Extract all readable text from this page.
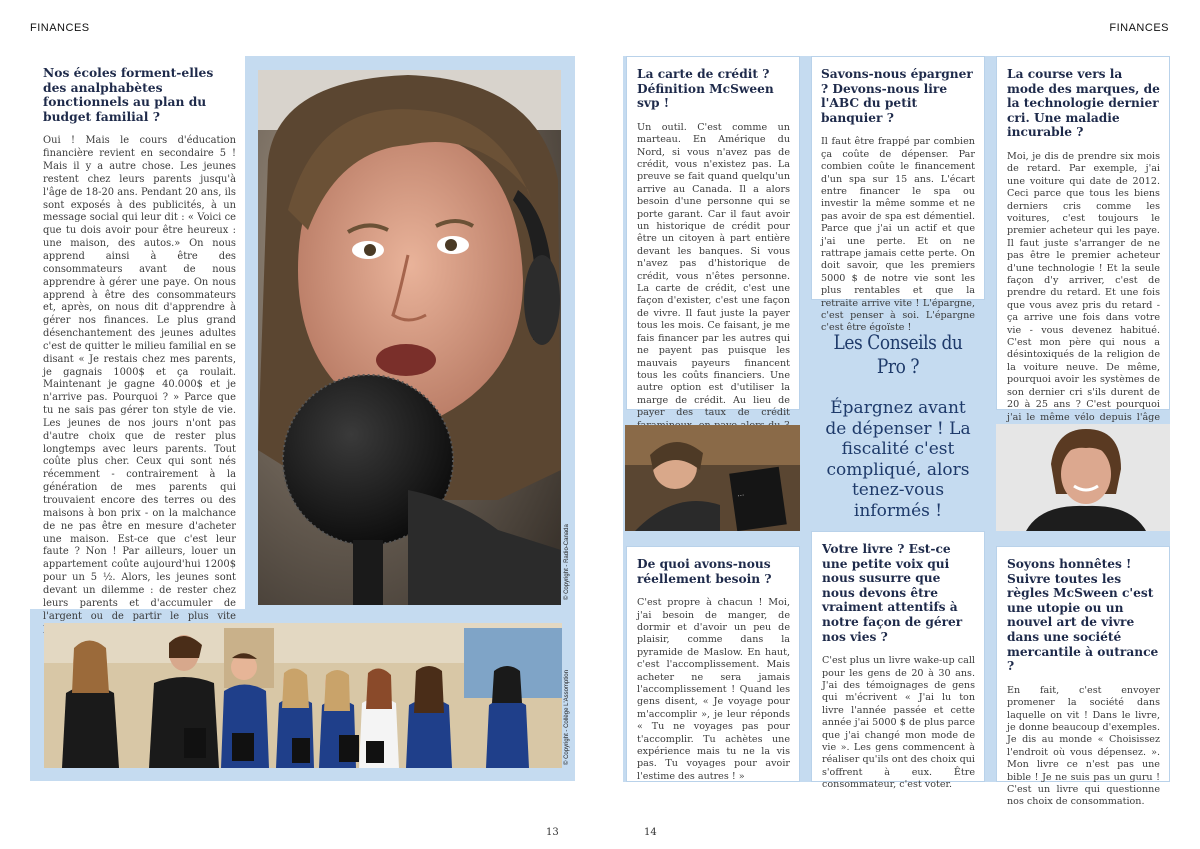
FINANCES	FINANCES
Nos écoles forment-elles des analphabètes fonctionnels au plan du budget familial ?

Oui ! Mais le cours d'éducation financière revient en secondaire 5 ! Mais il y a autre chose. Les jeunes restent chez leurs parents jusqu'à l'âge de 18-20 ans. Pendant 20 ans, ils sont exposés à des publicités, à un message social qui leur dit : « Voici ce que tu dois avoir pour être heureux : une maison, des autos.» On nous apprend ainsi à être des consommateurs avant de nous apprendre à gérer une paye. On nous apprend à être des consommateurs et, après, on nous dit d'apprendre à gérer nos finances. Le plus grand désenchantement des jeunes adultes c'est de quitter le milieu familial en se disant « Je restais chez mes parents, je gagnais 1000$ et ça roulait. Maintenant je gagne 40.000$ et je n'arrive pas. Pourquoi ? » Parce que tu ne sais pas gérer ton style de vie. Les jeunes de nos jours n'ont pas d'autre choix que de rester plus longtemps avec leurs parents. Tout coûte plus cher. Ceux qui sont nés récemment - contrairement à la génération de mes parents qui trouvaient encore des terres ou des maisons à bon prix - on la malchance de ne pas être en mesure d'acheter une maison. Est-ce que c'est leur faute ? Non ! Par ailleurs, louer un appartement coûte aujourd'hui 1200$ pour un 5 ½. Alors, les jeunes sont devant un dilemme : de rester chez leurs parents et d'accumuler de l'argent ou de partir le plus vite

© Copyright - Radio-Canada
© Copyright - Collège L'Assomption
13
La carte de crédit ? Définition McSween svp !

Un outil. C'est comme un marteau. En Amérique du Nord, si vous n'avez pas de crédit, vous n'existez pas. La preuve se fait quand quelqu'un arrive au Canada. Il a alors besoin d'une personne qui se porte garant. Car il faut avoir un historique de crédit pour être un citoyen à part entière devant les banques. Si vous n'avez pas d'historique de crédit, vous n'êtes personne. La carte de crédit, c'est une façon d'exister, c'est une façon de vivre. Il faut juste la payer tous les mois. Ce faisant, je me fais financer par les autres qui ne payent pas puisque les mauvais payeurs financent tous les coûts financiers. Une autre option est d'utiliser la marge de crédit. Au lieu de payer des taux de crédit

Savons-nous épargner ? Devons-nous lire l'ABC du petit banquier ?

Il faut être frappé par combien ça coûte de dépenser. Par combien coûte le financement d'un spa sur 15 ans. L'écart entre financer le spa ou investir la même somme et ne pas avoir de spa est démentiel. Parce que j'ai un actif et que j'ai une perte. Et on ne rattrape jamais cette perte. On doit savoir, que les premiers 5000 $ de notre vie sont les plus rentables et que la retraite arrive vite ! L'épargne, c'est penser à soi. L'épargne c'est être égoïste !

La course vers la mode des marques, de la technologie dernier cri. Une maladie incurable ?

Moi, je dis de prendre six mois de retard. Par exemple, j'ai une voiture qui date de 2012. Ceci parce que tous les biens derniers cris comme les voitures, c'est toujours le premier acheteur qui les paye. Il faut juste s'arranger de ne pas être le premier acheteur d'une technologie ! Et la seule façon d'y arriver, c'est de prendre du retard. Et une fois que vous avez pris du retard - ça arrive une fois dans votre vie - vous devenez habitué. C'est mon père qui nous a désintoxiqués de la religion de la voiture neuve. De même, pourquoi avoir les systèmes de son dernier cri s'ils durent de 20 à 25 ans ? C'est pourquoi j'ai le même vélo depuis l'âge

Les Conseils du Pro ?
Épargnez avant de dépenser ! La fiscalité c'est compliqué, alors tenez-vous informés !
···
De quoi avons-nous réellement besoin ?

C'est propre à chacun ! Moi, j'ai besoin de manger, de dormir et d'avoir un peu de plaisir, comme dans la pyramide de Maslow. En haut, c'est l'accomplissement. Mais acheter ne sera jamais l'accomplissement ! Quand les gens disent, « Je voyage pour m'accomplir », je leur réponds « Tu ne voyages pas pour t'accomplir. Tu achètes une expérience mais tu ne la vis pas. Tu voyages pour avoir l'estime des autres ! »

Votre livre ? Est-ce une petite voix qui nous susurre que nous devons être vraiment attentifs à notre façon de gérer nos vies ?

C'est plus un livre wake-up call pour les gens de 20 à 30 ans. J'ai des témoignages de gens qui m'écrivent « J'ai lu ton livre l'année passée et cette année j'ai 5000 $ de plus parce que j'ai changé mon mode de vie ». Les gens commencent à réaliser qu'ils ont des choix qui s'offrent à eux. Être consommateur, c'est voter.

Soyons honnêtes ! Suivre toutes les règles McSween c'est une utopie ou un nouvel art de vivre dans une société mercantile à outrance ?

En fait, c'est envoyer promener la société dans laquelle on vit ! Dans le livre, je donne beaucoup d'exemples. Je dis au monde « Choisissez l'endroit où vous dépensez. ». Mon livre ce n'est pas une bible ! Je ne suis pas un guru ! C'est un livre qui questionne nos choix de consommation.

14
